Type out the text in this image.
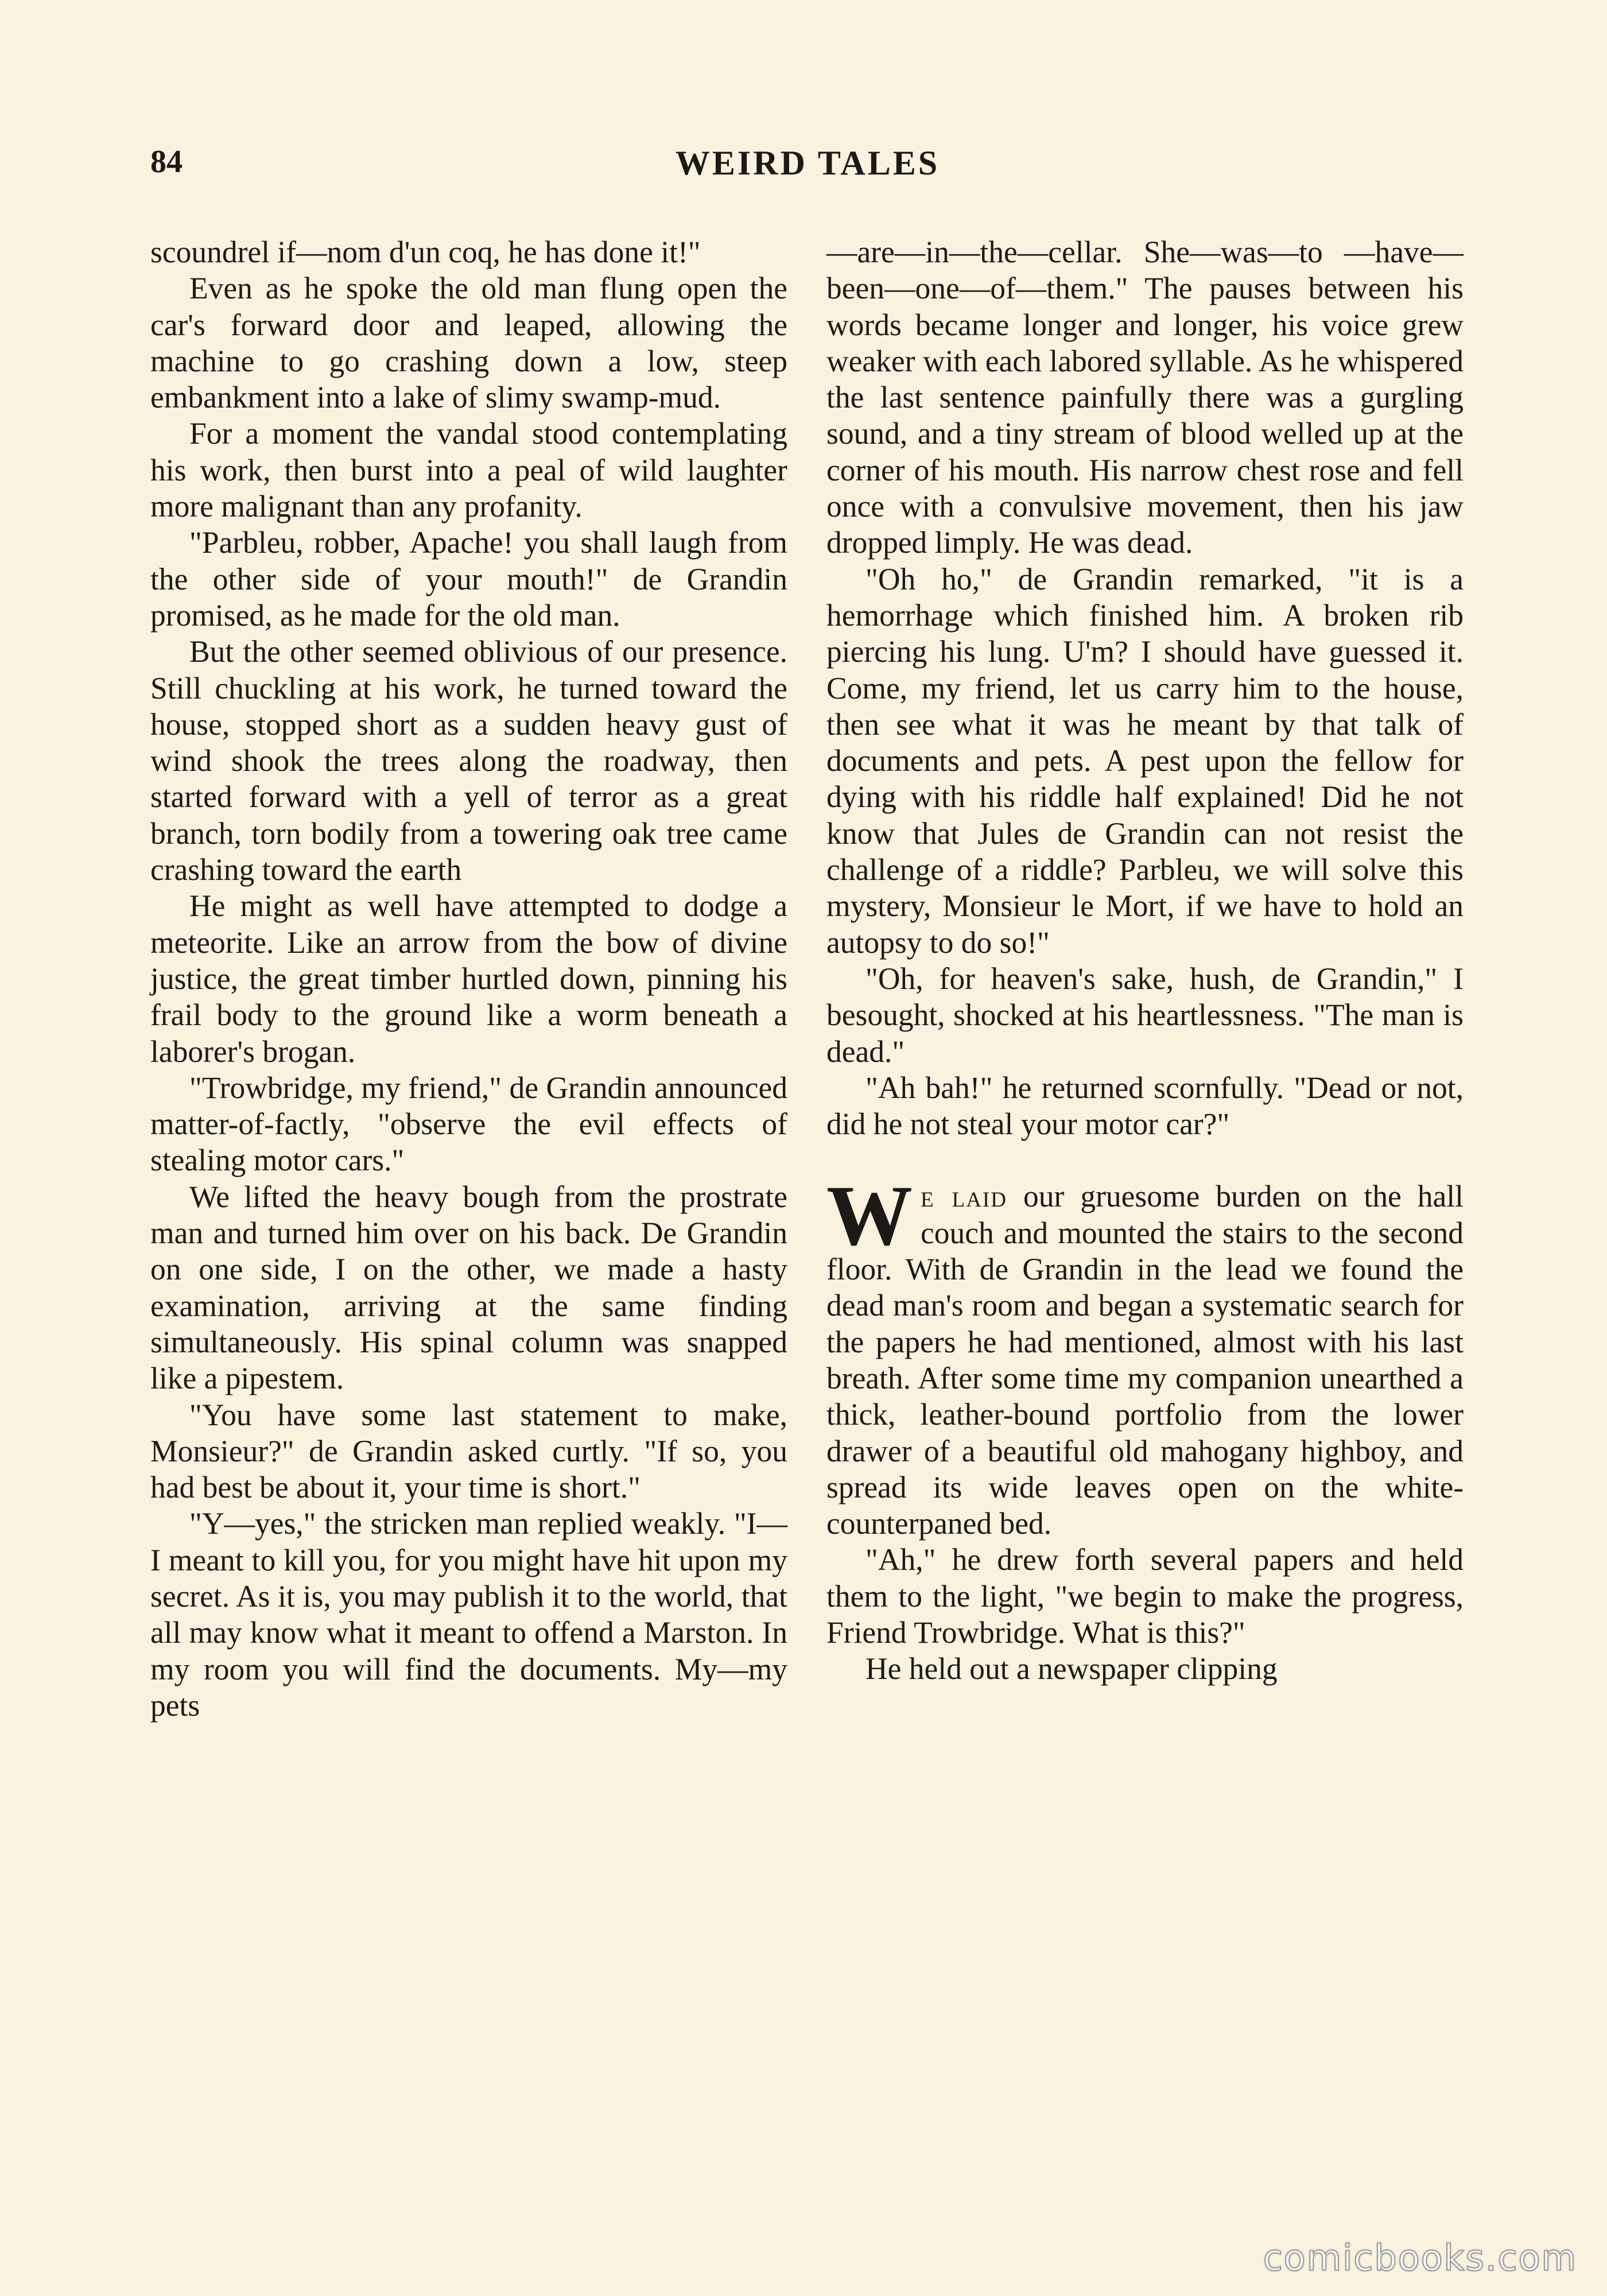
84	WEIRD TALES

scoundrel if—nom d'un coq, he has done it!"

Even as he spoke the old man flung open the car's forward door and leaped, allowing the machine to go crashing down a low, steep embankment into a lake of slimy swamp-mud.

For a moment the vandal stood contemplating his work, then burst into a peal of wild laughter more malignant than any profanity.

"Parbleu, robber, Apache! you shall laugh from the other side of your mouth!" de Grandin promised, as he made for the old man.

But the other seemed oblivious of our presence. Still chuckling at his work, he turned toward the house, stopped short as a sudden heavy gust of wind shook the trees along the roadway, then started forward with a yell of terror as a great branch, torn bodily from a towering oak tree came crashing toward the earth

He might as well have attempted to dodge a meteorite. Like an arrow from the bow of divine justice, the great timber hurtled down, pinning his frail body to the ground like a worm beneath a laborer's brogan.

"Trowbridge, my friend," de Grandin announced matter-of-factly, "observe the evil effects of stealing motor cars."

We lifted the heavy bough from the prostrate man and turned him over on his back. De Grandin on one side, I on the other, we made a hasty examination, arriving at the same finding simultaneously. His spinal column was snapped like a pipestem.

"You have some last statement to make, Monsieur?" de Grandin asked curtly. "If so, you had best be about it, your time is short."

"Y—yes," the stricken man replied weakly. "I—I meant to kill you, for you might have hit upon my secret. As it is, you may publish it to the world, that all may know what it meant to offend a Marston. In my room you will find the documents. My—my pets

—are—in—the—cellar. She—was—to —have—been—one—of—them." The pauses between his words became longer and longer, his voice grew weaker with each labored syllable. As he whispered the last sentence painfully there was a gurgling sound, and a tiny stream of blood welled up at the corner of his mouth. His narrow chest rose and fell once with a convulsive movement, then his jaw dropped limply. He was dead.

"Oh ho," de Grandin remarked, "it is a hemorrhage which finished him. A broken rib piercing his lung. U'm? I should have guessed it. Come, my friend, let us carry him to the house, then see what it was he meant by that talk of documents and pets. A pest upon the fellow for dying with his riddle half explained! Did he not know that Jules de Grandin can not resist the challenge of a riddle? Parbleu, we will solve this mystery, Monsieur le Mort, if we have to hold an autopsy to do so!"

"Oh, for heaven's sake, hush, de Grandin," I besought, shocked at his heartlessness. "The man is dead."

"Ah bah!" he returned scornfully. "Dead or not, did he not steal your motor car?"

We laid our gruesome burden on the hall couch and mounted the stairs to the second floor. With de Grandin in the lead we found the dead man's room and began a systematic search for the papers he had mentioned, almost with his last breath. After some time my companion unearthed a thick, leather-bound portfolio from the lower drawer of a beautiful old mahogany highboy, and spread its wide leaves open on the white-counterpaned bed.

"Ah," he drew forth several papers and held them to the light, "we begin to make the progress, Friend Trowbridge. What is this?"

He held out a newspaper clipping

comicbooks.com
